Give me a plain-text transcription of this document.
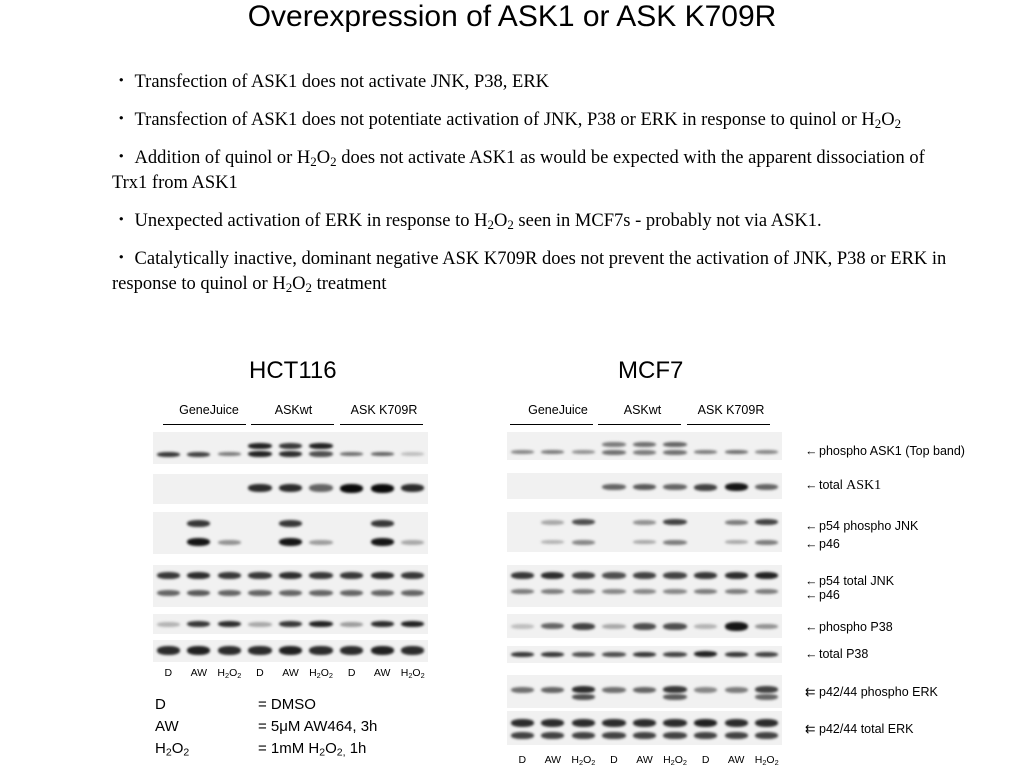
Overexpression of ASK1 or ASK K709R
・ Transfection of ASK1 does not activate JNK, P38, ERK
・ Transfection of ASK1 does not potentiate activation of JNK, P38 or ERK in response to quinol or $H_2O_2$
・ Addition of quinol or $H_2O_2$ does not activate ASK1 as would be expected with the apparent dissociation of Trx1 from ASK1
・ Unexpected activation of ERK in response to $H_2O_2$ seen in MCF7s - probably not via ASK1.
・ Catalytically inactive, dominant negative ASK K709R does not prevent the activation of JNK, P38 or ERK in response to quinol or $H_2O_2$ treatment
HCT116	MCF7
GeneJuice	ASKwt	ASK K709R	GeneJuice	ASKwt	ASK K709R
D	AW $H_2O_2$	D	AW $H_2O_2$	D	AW $H_2O_2$
D	AW $H_2O_2$	D	AW $H_2O_2$	D	AW $H_2O_2$
← phospho ASK1 (Top band)
← total ASK1
← p54 phospho JNK
← p46
← p54 total JNK
← p46
← phospho P38
← total P38
⇇ p42/44 phospho ERK
⇇ p42/44 total ERK
D	= DMSO
AW	= 5μM AW464, 3h
$H_2O_2$	= 1mM $H_2O_{2,}$ 1h
